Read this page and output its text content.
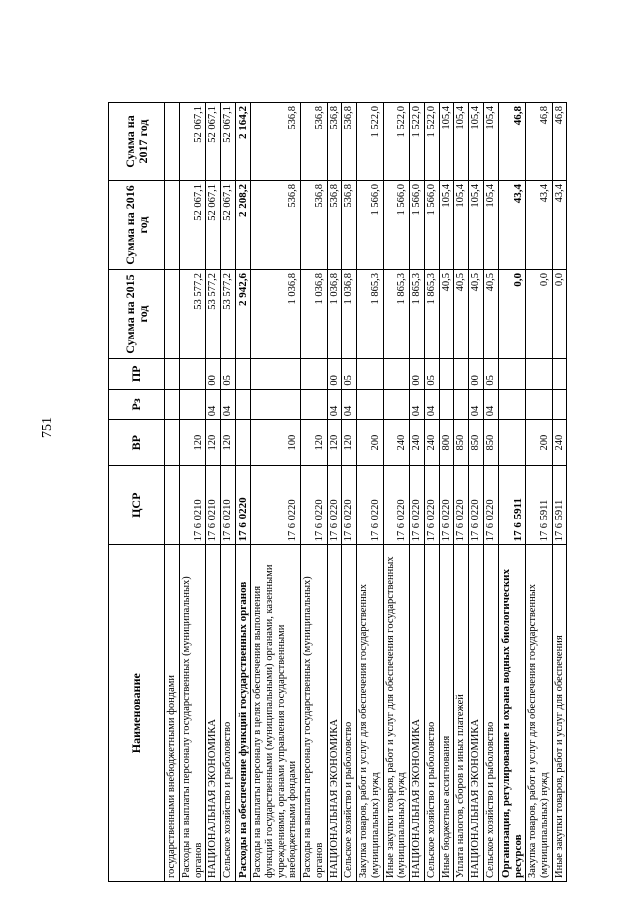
751
Наименование	ЦСР	ВР	Рз	ПР	Сумма на 2015 год	Сумма на 2016 год	Сумма на 2017 год
государственными внебюджетными фондами							
Расходы на выплаты персоналу государственных (муниципальных) органов	17 6 0210	120			53 577,2	52 067,1	52 067,1
НАЦИОНАЛЬНАЯ ЭКОНОМИКА	17 6 0210	120	04	00	53 577,2	52 067,1	52 067,1
Сельское хозяйство и рыболовство	17 6 0210	120	04	05	53 577,2	52 067,1	52 067,1
Расходы на обеспечение функций государственных органов	17 6 0220				2 942,6	2 208,2	2 164,2
Расходы на выплаты персоналу в целях обеспечения выполнения функций государственными (муниципальными) органами, казенными учреждениями, органами управления государственными внебюджетными фондами	17 6 0220	100			1 036,8	536,8	536,8
Расходы на выплаты персоналу государственных (муниципальных) органов	17 6 0220	120			1 036,8	536,8	536,8
НАЦИОНАЛЬНАЯ ЭКОНОМИКА	17 6 0220	120	04	00	1 036,8	536,8	536,8
Сельское хозяйство и рыболовство	17 6 0220	120	04	05	1 036,8	536,8	536,8
Закупка товаров, работ и услуг для обеспечения государственных (муниципальных) нужд	17 6 0220	200			1 865,3	1 566,0	1 522,0
Иные закупки товаров, работ и услуг для обеспечения государственных (муниципальных) нужд	17 6 0220	240			1 865,3	1 566,0	1 522,0
НАЦИОНАЛЬНАЯ ЭКОНОМИКА	17 6 0220	240	04	00	1 865,3	1 566,0	1 522,0
Сельское хозяйство и рыболовство	17 6 0220	240	04	05	1 865,3	1 566,0	1 522,0
Иные бюджетные ассигнования	17 6 0220	800			40,5	105,4	105,4
Уплата налогов, сборов и иных платежей	17 6 0220	850			40,5	105,4	105,4
НАЦИОНАЛЬНАЯ ЭКОНОМИКА	17 6 0220	850	04	00	40,5	105,4	105,4
Сельское хозяйство и рыболовство	17 6 0220	850	04	05	40,5	105,4	105,4
Организация, регулирование и охрана водных биологических ресурсов	17 6 5911				0,0	43,4	46,8
Закупка товаров, работ и услуг для обеспечения государственных (муниципальных) нужд	17 6 5911	200			0,0	43,4	46,8
Иные закупки товаров, работ и услуг для обеспечения	17 6 5911	240			0,0	43,4	46,8
